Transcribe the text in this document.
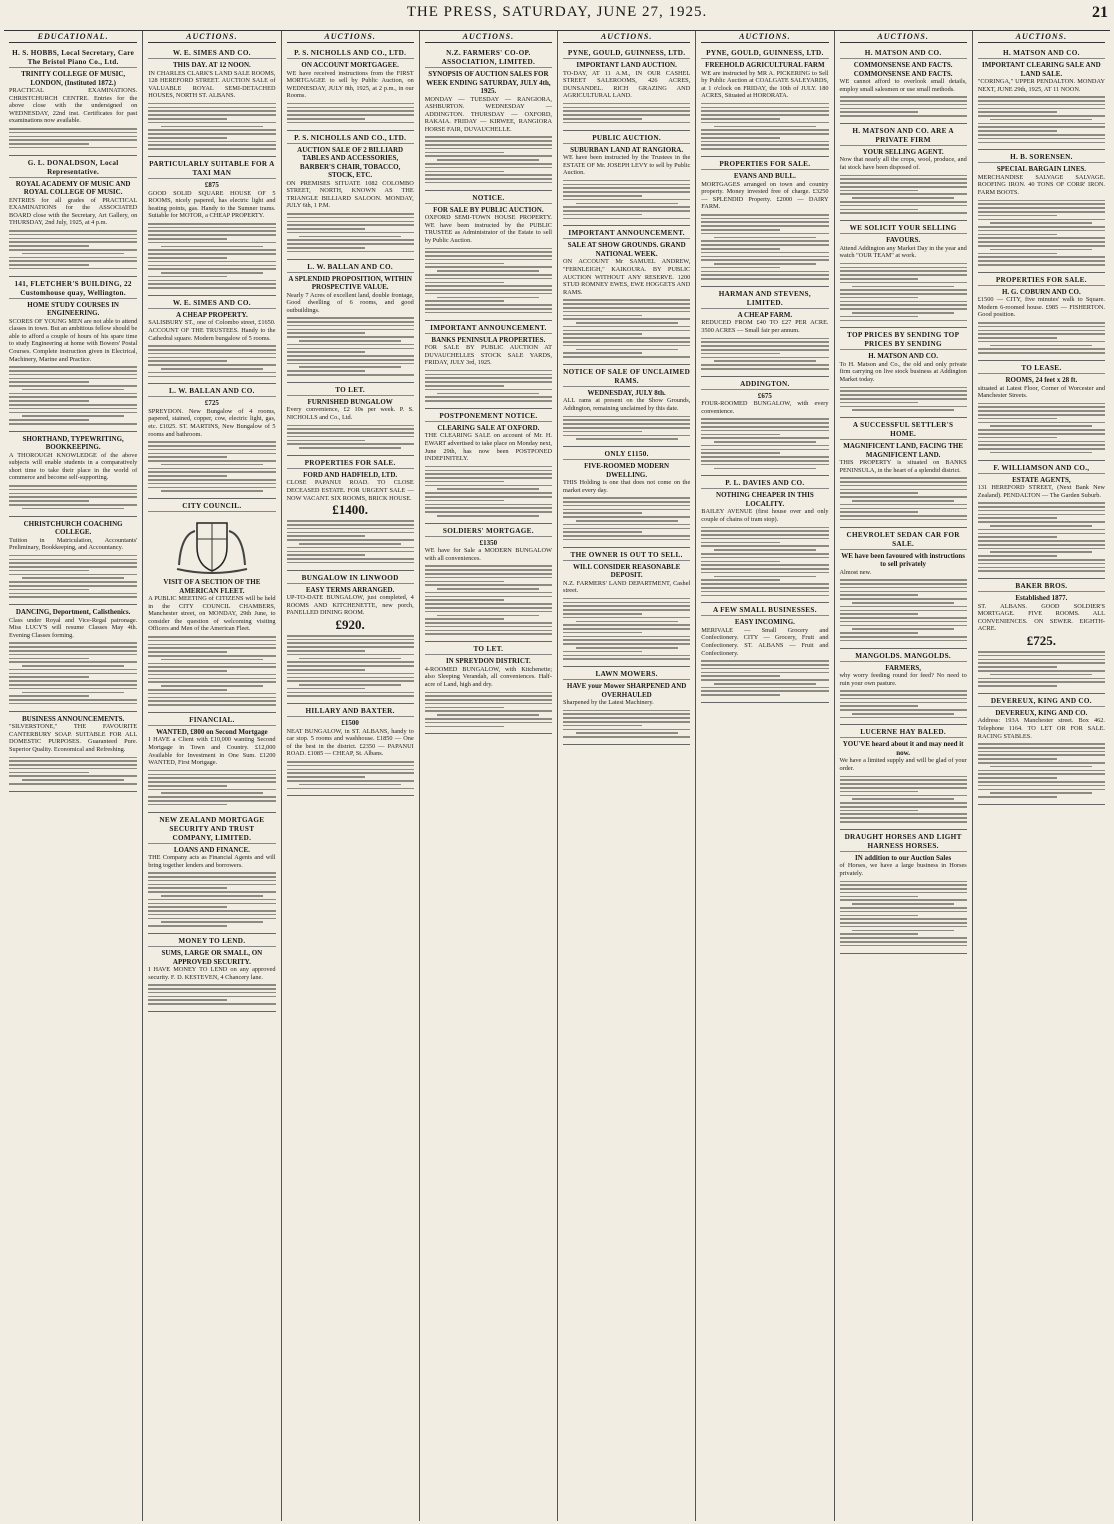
THE PRESS, SATURDAY, JUNE 27, 1925.	21
EDUCATIONAL.
H. S. HOBBS, Local Secretary, Care The Bristol Piano Co., Ltd.
TRINITY COLLEGE OF MUSIC, LONDON, (Instituted 1872.)
PRACTICAL EXAMINATIONS. CHRISTCHURCH CENTRE. Entries for the above close with the undersigned on WEDNESDAY, 22nd inst. Certificates for past examinations now available.
G. L. DONALDSON, Local Representative.
ROYAL ACADEMY OF MUSIC AND ROYAL COLLEGE OF MUSIC.
ENTRIES for all grades of PRACTICAL EXAMINATIONS for the ASSOCIATED BOARD close with the Secretary, Art Gallery, on THURSDAY, 2nd July, 1925, at 4 p.m.
141, FLETCHER'S BUILDING, 22 Customhouse quay, Wellington.
HOME STUDY COURSES IN ENGINEERING.
SCORES OF YOUNG MEN are not able to attend classes in town. But an ambitious fellow should be able to afford a couple of hours of his spare time to study Engineering at home with Bowers' Postal Courses. Complete instruction given in Electrical, Machinery, Marine and Practice.
SHORTHAND, TYPEWRITING, BOOKKEEPING.
A THOROUGH KNOWLEDGE of the above subjects will enable students in a comparatively short time to take their place in the world of commerce and become self-supporting.
CHRISTCHURCH COACHING COLLEGE.
Tuition in Matriculation, Accountants' Preliminary, Bookkeeping, and Accountancy.
DANCING, Deportment, Calisthenics.
Class under Royal and Vice-Regal patronage. Miss LUCY'S will resume Classes May 4th. Evening Classes forming.
BUSINESS ANNOUNCEMENTS.
"SILVERSTONE," THE FAVOURITE CANTERBURY SOAP. SUITABLE FOR ALL DOMESTIC PURPOSES. Guaranteed Pure. Superior Quality. Economical and Refreshing.
AUCTIONS.
W. E. SIMES AND CO.
THIS DAY. AT 12 NOON.
IN CHARLES CLARK'S LAND SALE ROOMS, 128 HEREFORD STREET. AUCTION SALE of VALUABLE ROYAL SEMI-DETACHED HOUSES, NORTH ST. ALBANS.
PARTICULARLY SUITABLE FOR A TAXI MAN
£875
GOOD SOLID SQUARE HOUSE OF 5 ROOMS, nicely papered, has electric light and heating points, gas. Handy to the Sumner trams. Suitable for MOTOR, a CHEAP PROPERTY.
W. E. SIMES AND CO.
A CHEAP PROPERTY.
SALISBURY ST., one of Colombo street, £1650. ACCOUNT OF THE TRUSTEES. Handy to the Cathedral square. Modern bungalow of 5 rooms.
L. W. BALLAN AND CO.
£725
SPREYDON. New Bungalow of 4 rooms, papered, stained, copper, cow, electric light, gas, etc. £1025. ST. MARTINS, New Bungalow of 5 rooms and bathroom.
CITY COUNCIL.
VISIT OF A SECTION OF THE AMERICAN FLEET.
A PUBLIC MEETING of CITIZENS will be held in the CITY COUNCIL CHAMBERS, Manchester street, on MONDAY, 29th June, to consider the question of welcoming visiting Officers and Men of the American Fleet.
FINANCIAL.
WANTED, £800 on Second Mortgage
I HAVE a Client with £10,000 wanting Second Mortgage in Town and Country. £12,000 Available for Investment in One Sum. £1200 WANTED, First Mortgage.
NEW ZEALAND MORTGAGE SECURITY AND TRUST COMPANY, LIMITED.
LOANS AND FINANCE.
THE Company acts as Financial Agents and will bring together lenders and borrowers.
MONEY TO LEND.
SUMS, LARGE OR SMALL, ON APPROVED SECURITY.
I HAVE MONEY TO LEND on any approved security. F. D. KESTEVEN, 4 Chancery lane.
AUCTIONS.
P. S. NICHOLLS AND CO., LTD.
ON ACCOUNT MORTGAGEE.
WE have received instructions from the FIRST MORTGAGEE to sell by Public Auction, on WEDNESDAY, JULY 8th, 1925, at 2 p.m., in our Rooms.
P. S. NICHOLLS AND CO., LTD.
AUCTION SALE OF 2 BILLIARD TABLES AND ACCESSORIES, BARBER'S CHAIR, TOBACCO, STOCK, ETC.
ON PREMISES SITUATE 1082 COLOMBO STREET, NORTH, KNOWN AS THE TRIANGLE BILLIARD SALOON. MONDAY, JULY 6th, 1 P.M.
L. W. BALLAN AND CO.
A SPLENDID PROPOSITION, WITHIN PROSPECTIVE VALUE.
Nearly 7 Acres of excellent land, double frontage, Good dwelling of 6 rooms, and good outbuildings.
TO LET.
FURNISHED BUNGALOW
Every convenience, £2 10s per week. P. S. NICHOLLS and Co., Ltd.
PROPERTIES FOR SALE.
FORD AND HADFIELD, LTD.
CLOSE PAPANUI ROAD. TO CLOSE DECEASED ESTATE. FOR URGENT SALE — NOW VACANT. SIX ROOMS, BRICK HOUSE.
£1400.
BUNGALOW IN LINWOOD
EASY TERMS ARRANGED.
UP-TO-DATE BUNGALOW, just completed, 4 ROOMS AND KITCHENETTE, new porch, PANELLED DINING ROOM.
£920.
HILLARY AND BAXTER.
£1500
NEAT BUNGALOW, in ST. ALBANS, handy to car stop. 5 rooms and washhouse. £1850 — One of the best in the district. £2350 — PAPANUI ROAD. £1085 — CHEAP, St. Albans.
AUCTIONS.
N.Z. FARMERS' CO-OP. ASSOCIATION, LIMITED.
SYNOPSIS OF AUCTION SALES FOR WEEK ENDING SATURDAY, JULY 4th, 1925.
MONDAY — TUESDAY — RANGIORA, ASHBURTON. WEDNESDAY — ADDINGTON. THURSDAY — OXFORD, RAKAIA. FRIDAY — KIRWEE, RANGIORA HORSE FAIR, DUVAUCHELLE.
NOTICE.
FOR SALE BY PUBLIC AUCTION.
OXFORD SEMI-TOWN HOUSE PROPERTY. WE have been instructed by the PUBLIC TRUSTEE as Administrator of the Estate to sell by Public Auction.
IMPORTANT ANNOUNCEMENT.
BANKS PENINSULA PROPERTIES.
FOR SALE BY PUBLIC AUCTION AT DUVAUCHELLES STOCK SALE YARDS, FRIDAY, JULY 3rd, 1925.
POSTPONEMENT NOTICE.
CLEARING SALE AT OXFORD.
THE CLEARING SALE on account of Mr. H. EWART advertised to take place on Monday next, June 29th, has now been POSTPONED INDEFINITELY.
SOLDIERS' MORTGAGE.
£1350
WE have for Sale a MODERN BUNGALOW with all conveniences.
TO LET.
IN SPREYDON DISTRICT.
4-ROOMED BUNGALOW, with Kitchenette; also Sleeping Verandah, all conveniences. Half-acre of Land, high and dry.
AUCTIONS.
PYNE, GOULD, GUINNESS, LTD.
IMPORTANT LAND AUCTION.
TO-DAY, AT 11 A.M., IN OUR CASHEL STREET SALEROOMS, 426 ACRES, DUNSANDEL. RICH GRAZING AND AGRICULTURAL LAND.
PUBLIC AUCTION.
SUBURBAN LAND AT RANGIORA.
WE have been instructed by the Trustees in the ESTATE OF Mr. JOSEPH LEVY to sell by Public Auction.
IMPORTANT ANNOUNCEMENT.
SALE AT SHOW GROUNDS. GRAND NATIONAL WEEK.
ON ACCOUNT Mr SAMUEL ANDREW, "FERNLEIGH," KAIKOURA. BY PUBLIC AUCTION WITHOUT ANY RESERVE. 1200 STUD ROMNEY EWES, EWE HOGGETS AND RAMS.
NOTICE OF SALE OF UNCLAIMED RAMS.
WEDNESDAY, JULY 8th.
ALL rams at present on the Show Grounds, Addington, remaining unclaimed by this date.
ONLY £1150.
FIVE-ROOMED MODERN DWELLING.
THIS Holding is one that does not come on the market every day.
THE OWNER IS OUT TO SELL.
WILL CONSIDER REASONABLE DEPOSIT.
N.Z. FARMERS' LAND DEPARTMENT, Cashel street.
LAWN MOWERS.
HAVE your Mower SHARPENED AND OVERHAULED
Sharpened by the Latest Machinery.
AUCTIONS.
PYNE, GOULD, GUINNESS, LTD.
FREEHOLD AGRICULTURAL FARM
WE are instructed by MR A. PICKERING to Sell by Public Auction at COALGATE SALEYARDS, at 1 o'clock on FRIDAY, the 10th of JULY. 180 ACRES, Situated at HORORATA.
PROPERTIES FOR SALE.
EVANS AND BULL.
MORTGAGES arranged on town and country property. Money invested free of charge. £3250 — SPLENDID Property. £2000 — DAIRY FARM.
HARMAN AND STEVENS, LIMITED.
A CHEAP FARM.
REDUCED FROM £40 TO £27 PER ACRE. 3500 ACRES — Small fair per annum.
ADDINGTON.
£675
FOUR-ROOMED BUNGALOW, with every convenience.
P. L. DAVIES AND CO.
NOTHING CHEAPER IN THIS LOCALITY.
BAILEY AVENUE (first house over and only couple of chains of tram stop).
A FEW SMALL BUSINESSES.
EASY INCOMING.
MERIVALE — Small Grocery and Confectionery. CITY — Grocery, Fruit and Confectionery. ST. ALBANS — Fruit and Confectionery.
AUCTIONS.
H. MATSON AND CO.
COMMONSENSE AND FACTS. COMMONSENSE AND FACTS.
WE cannot afford to overlook small details, employ small salesmen or use small methods.
H. MATSON AND CO. ARE A PRIVATE FIRM
YOUR SELLING AGENT.
Now that nearly all the crops, wool, produce, and fat stock have been disposed of.
WE SOLICIT YOUR SELLING
FAVOURS.
Attend Addington any Market Day in the year and watch "OUR TEAM" at work.
TOP PRICES BY SENDING TOP PRICES BY SENDING
H. MATSON AND CO.
To H. Matson and Co., the old and only private firm carrying on live stock business at Addington Market today.
A SUCCESSFUL SETTLER'S HOME.
MAGNIFICENT LAND, FACING THE MAGNIFICENT LAND.
THIS PROPERTY is situated on BANKS PENINSULA, in the heart of a splendid district.
CHEVROLET SEDAN CAR FOR SALE.
WE have been favoured with instructions to sell privately
Almost new.
MANGOLDS. MANGOLDS.
FARMERS,
why worry feeding round for feed? No need to ruin your own pasture.
LUCERNE HAY BALED.
YOU'VE heard about it and may need it now.
We have a limited supply and will be glad of your order.
DRAUGHT HORSES AND LIGHT HARNESS HORSES.
IN addition to our Auction Sales
of Horses, we have a large business in Horses privately.
AUCTIONS.
H. MATSON AND CO.
IMPORTANT CLEARING SALE AND LAND SALE.
"CORINGA," UPPER PENDALTON. MONDAY NEXT, JUNE 29th, 1925, AT 11 NOON.
H. B. SORENSEN.
SPECIAL BARGAIN LINES.
MERCHANDISE SALVAGE SALVAGE. ROOFING IRON. 40 TONS OF CORR' IRON. FARM BOOTS.
PROPERTIES FOR SALE.
H. G. COBURN AND CO.
£1500 — CITY, five minutes' walk to Square. Modern 6-roomed house. £985 — FISHERTON. Good position.
TO LEASE.
ROOMS, 24 feet x 28 ft.
situated at Latest Floor, Corner of Worcester and Manchester Streets.
F. WILLIAMSON AND CO.,
ESTATE AGENTS,
131 HEREFORD STREET, (Next Bank New Zealand). PENDALTON — The Garden Suburb.
BAKER BROS.
Established 1877.
ST. ALBANS. GOOD SOLDIER'S MORTGAGE. FIVE ROOMS. ALL CONVENIENCES. ON SEWER. EIGHTH-ACRE.
£725.
DEVEREUX, KING AND CO.
DEVEREUX, KING AND CO.
Address: 193A Manchester street. Box 462. Telephone 1164. TO LET OR FOR SALE. RACING STABLES.
